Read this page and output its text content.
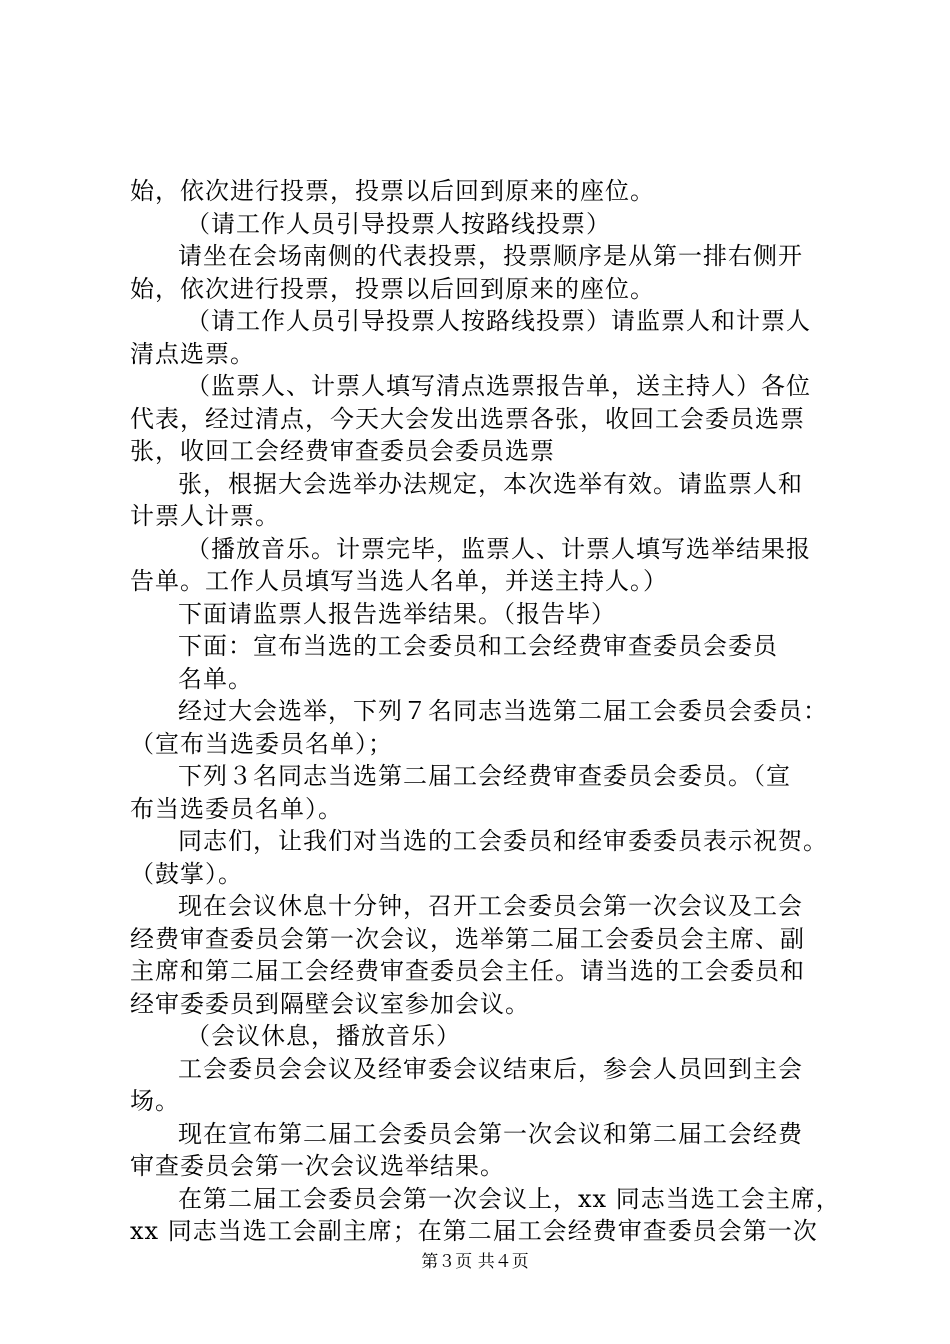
始，依次进行投票，投票以后回到原来的座位。
（请工作人员引导投票人按路线投票）
请坐在会场南侧的代表投票，投票顺序是从第一排右侧开
始，依次进行投票，投票以后回到原来的座位。
（请工作人员引导投票人按路线投票）请监票人和计票人
清点选票。
（监票人、计票人填写清点选票报告单，送主持人）各位
代表，经过清点，今天大会发出选票各张，收回工会委员选票
张，收回工会经费审查委员会委员选票
张，根据大会选举办法规定，本次选举有效。请监票人和
计票人计票。
（播放音乐。计票完毕，监票人、计票人填写选举结果报
告单。工作人员填写当选人名单，并送主持人。）
下面请监票人报告选举结果。（报告毕）
下面：宣布当选的工会委员和工会经费审查委员会委员
名单。
经过大会选举，下列７名同志当选第二届工会委员会委员：
（宣布当选委员名单）；
下列３名同志当选第二届工会经费审查委员会委员。（宣
布当选委员名单）。
同志们，让我们对当选的工会委员和经审委委员表示祝贺。
（鼓掌）。
现在会议休息十分钟，召开工会委员会第一次会议及工会
经费审查委员会第一次会议，选举第二届工会委员会主席、副
主席和第二届工会经费审查委员会主任。请当选的工会委员和
经审委委员到隔壁会议室参加会议。
（会议休息，播放音乐）
工会委员会会议及经审委会议结束后，参会人员回到主会
场。
现在宣布第二届工会委员会第一次会议和第二届工会经费
审查委员会第一次会议选举结果。
在第二届工会委员会第一次会议上，xx 同志当选工会主席，
xx 同志当选工会副主席；在第二届工会经费审查委员会第一次
第３页 共４页
